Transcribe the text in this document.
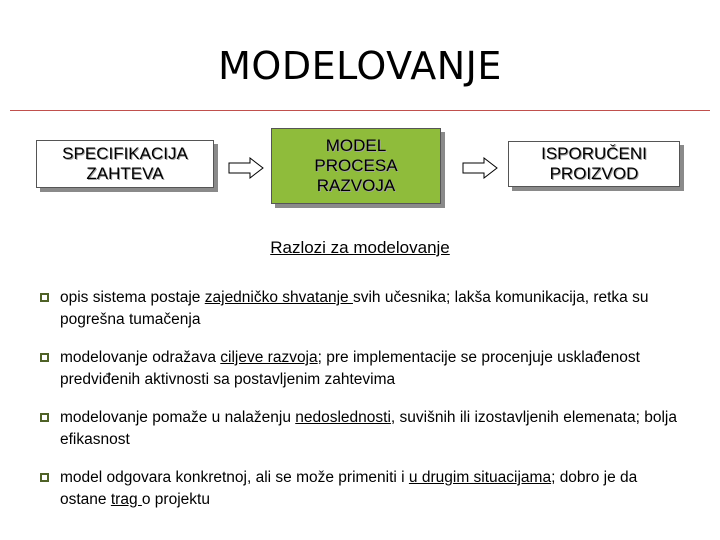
MODELOVANJE
SPECIFIKACIJA
ZAHTEVA
MODEL
PROCESA
RAZVOJA
ISPORUČENI
PROIZVOD
Razlozi za modelovanje
opis sistema postaje zajedničko shvatanje svih učesnika; lakša komunikacija, retka su pogrešna tumačenja
modelovanje odražava ciljeve razvoja; pre implementacije se procenjuje usklađenost predviđenih aktivnosti sa postavljenim zahtevima
modelovanje pomaže u nalaženju nedoslednosti, suvišnih ili izostavljenih elemenata; bolja efikasnost
model odgovara konkretnoj, ali se može primeniti i u drugim situacijama; dobro je da ostane trag o projektu
